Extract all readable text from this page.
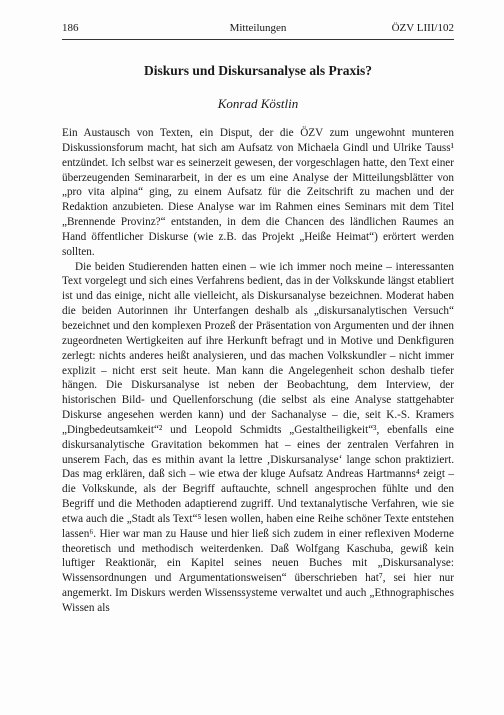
186	Mitteilungen	ÖZV LIII/102
Diskurs und Diskursanalyse als Praxis?

Konrad Köstlin

Ein Austausch von Texten, ein Disput, der die ÖZV zum ungewohnt munteren Diskussionsforum macht, hat sich am Aufsatz von Michaela Gindl und Ulrike Tauss¹ entzündet. Ich selbst war es seinerzeit gewesen, der vorgeschlagen hatte, den Text einer überzeugenden Seminararbeit, in der es um eine Analyse der Mitteilungsblätter von „pro vita alpina“ ging, zu einem Aufsatz für die Zeitschrift zu machen und der Redaktion anzubieten. Diese Analyse war im Rahmen eines Seminars mit dem Titel „Brennende Provinz?“ entstanden, in dem die Chancen des ländlichen Raumes an Hand öffentlicher Diskurse (wie z.B. das Projekt „Heiße Heimat“) erörtert werden sollten.

Die beiden Studierenden hatten einen – wie ich immer noch meine – interessanten Text vorgelegt und sich eines Verfahrens bedient, das in der Volkskunde längst etabliert ist und das einige, nicht alle vielleicht, als Diskursanalyse bezeichnen. Moderat haben die beiden Autorinnen ihr Unterfangen deshalb als „diskursanalytischen Versuch“ bezeichnet und den komplexen Prozeß der Präsentation von Argumenten und der ihnen zugeordneten Wertigkeiten auf ihre Herkunft befragt und in Motive und Denkfiguren zerlegt: nichts anderes heißt analysieren, und das machen Volkskundler – nicht immer explizit – nicht erst seit heute. Man kann die Angelegenheit schon deshalb tiefer hängen. Die Diskursanalyse ist neben der Beobachtung, dem Interview, der historischen Bild- und Quellenforschung (die selbst als eine Analyse stattgehabter Diskurse angesehen werden kann) und der Sachanalyse – die, seit K.-S. Kramers „Dingbedeutsamkeit“² und Leopold Schmidts „Gestaltheiligkeit“³, ebenfalls eine diskursanalytische Gravitation bekommen hat – eines der zentralen Verfahren in unserem Fach, das es mithin avant la lettre ‚Diskursanalyse‘ lange schon praktiziert. Das mag erklären, daß sich – wie etwa der kluge Aufsatz Andreas Hartmanns⁴ zeigt – die Volkskunde, als der Begriff auftauchte, schnell angesprochen fühlte und den Begriff und die Methoden adaptierend zugriff. Und textanalytische Verfahren, wie sie etwa auch die „Stadt als Text“⁵ lesen wollen, haben eine Reihe schöner Texte entstehen lassen⁶. Hier war man zu Hause und hier ließ sich zudem in einer reflexiven Moderne theoretisch und methodisch weiterdenken. Daß Wolfgang Kaschuba, gewiß kein luftiger Reaktionär, ein Kapitel seines neuen Buches mit „Diskursanalyse: Wissensordnungen und Argumentationsweisen“ überschrieben hat⁷, sei hier nur angemerkt. Im Diskurs werden Wissenssysteme verwaltet und auch „Ethnographisches Wissen als
